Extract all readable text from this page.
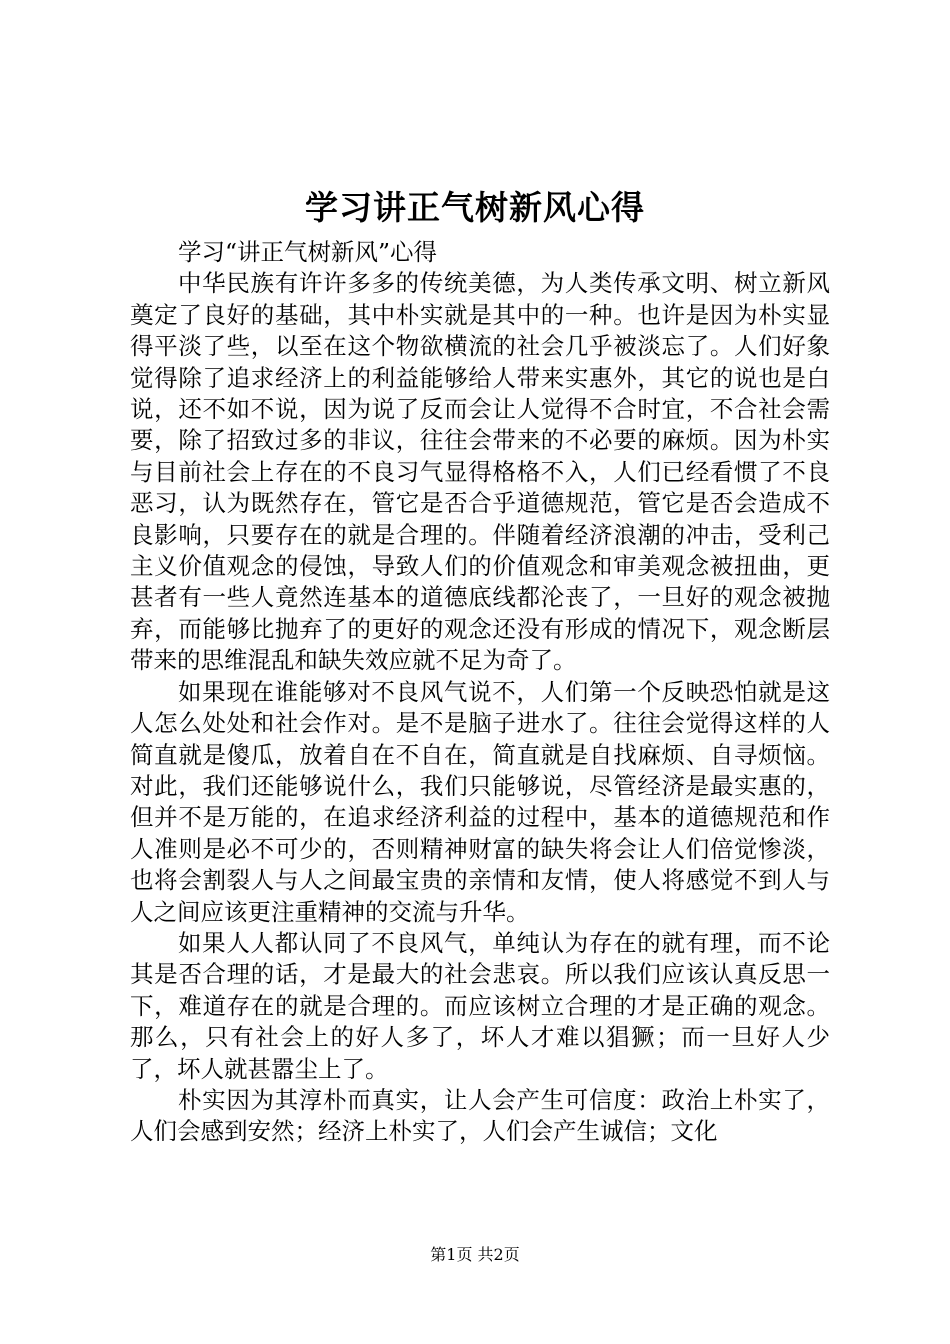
学习讲正气树新风心得

学习“讲正气树新风”心得

中华民族有许许多多的传统美德，为人类传承文明、树立新风奠定了良好的基础，其中朴实就是其中的一种。也许是因为朴实显得平淡了些，以至在这个物欲横流的社会几乎被淡忘了。人们好象觉得除了追求经济上的利益能够给人带来实惠外，其它的说也是白说，还不如不说，因为说了反而会让人觉得不合时宜，不合社会需要，除了招致过多的非议，往往会带来的不必要的麻烦。因为朴实与目前社会上存在的不良习气显得格格不入，人们已经看惯了不良恶习，认为既然存在，管它是否合乎道德规范，管它是否会造成不良影响，只要存在的就是合理的。伴随着经济浪潮的冲击，受利己主义价值观念的侵蚀，导致人们的价值观念和审美观念被扭曲，更甚者有一些人竟然连基本的道德底线都沦丧了，一旦好的观念被抛弃，而能够比抛弃了的更好的观念还没有形成的情况下，观念断层带来的思维混乱和缺失效应就不足为奇了。

如果现在谁能够对不良风气说不，人们第一个反映恐怕就是这人怎么处处和社会作对。是不是脑子进水了。往往会觉得这样的人简直就是傻瓜，放着自在不自在，简直就是自找麻烦、自寻烦恼。对此，我们还能够说什么，我们只能够说，尽管经济是最实惠的，但并不是万能的，在追求经济利益的过程中，基本的道德规范和作人准则是必不可少的，否则精神财富的缺失将会让人们倍觉惨淡，也将会割裂人与人之间最宝贵的亲情和友情，使人将感觉不到人与人之间应该更注重精神的交流与升华。

如果人人都认同了不良风气，单纯认为存在的就有理，而不论其是否合理的话，才是最大的社会悲哀。所以我们应该认真反思一下，难道存在的就是合理的。而应该树立合理的才是正确的观念。那么，只有社会上的好人多了，坏人才难以猖獗；而一旦好人少了，坏人就甚嚣尘上了。

朴实因为其淳朴而真实，让人会产生可信度：政治上朴实了，人们会感到安然；经济上朴实了，人们会产生诚信；文化

第1页 共2页
